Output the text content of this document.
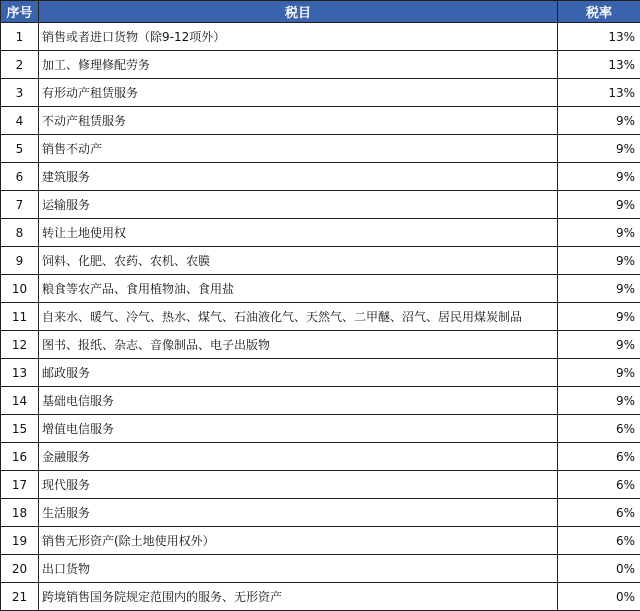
序号	税目	税率
1	销售或者进口货物（除9-12项外）	13%
2	加工、修理修配劳务	13%
3	有形动产租赁服务	13%
4	不动产租赁服务	9%
5	销售不动产	9%
6	建筑服务	9%
7	运输服务	9%
8	转让土地使用权	9%
9	饲料、化肥、农药、农机、农膜	9%
10	粮食等农产品、食用植物油、食用盐	9%
11	自来水、暖气、冷气、热水、煤气、石油液化气、天然气、二甲醚、沼气、居民用煤炭制品	9%
12	图书、报纸、杂志、音像制品、电子出版物	9%
13	邮政服务	9%
14	基础电信服务	9%
15	增值电信服务	6%
16	金融服务	6%
17	现代服务	6%
18	生活服务	6%
19	销售无形资产(除土地使用权外）	6%
20	出口货物	0%
21	跨境销售国务院规定范围内的服务、无形资产	0%
